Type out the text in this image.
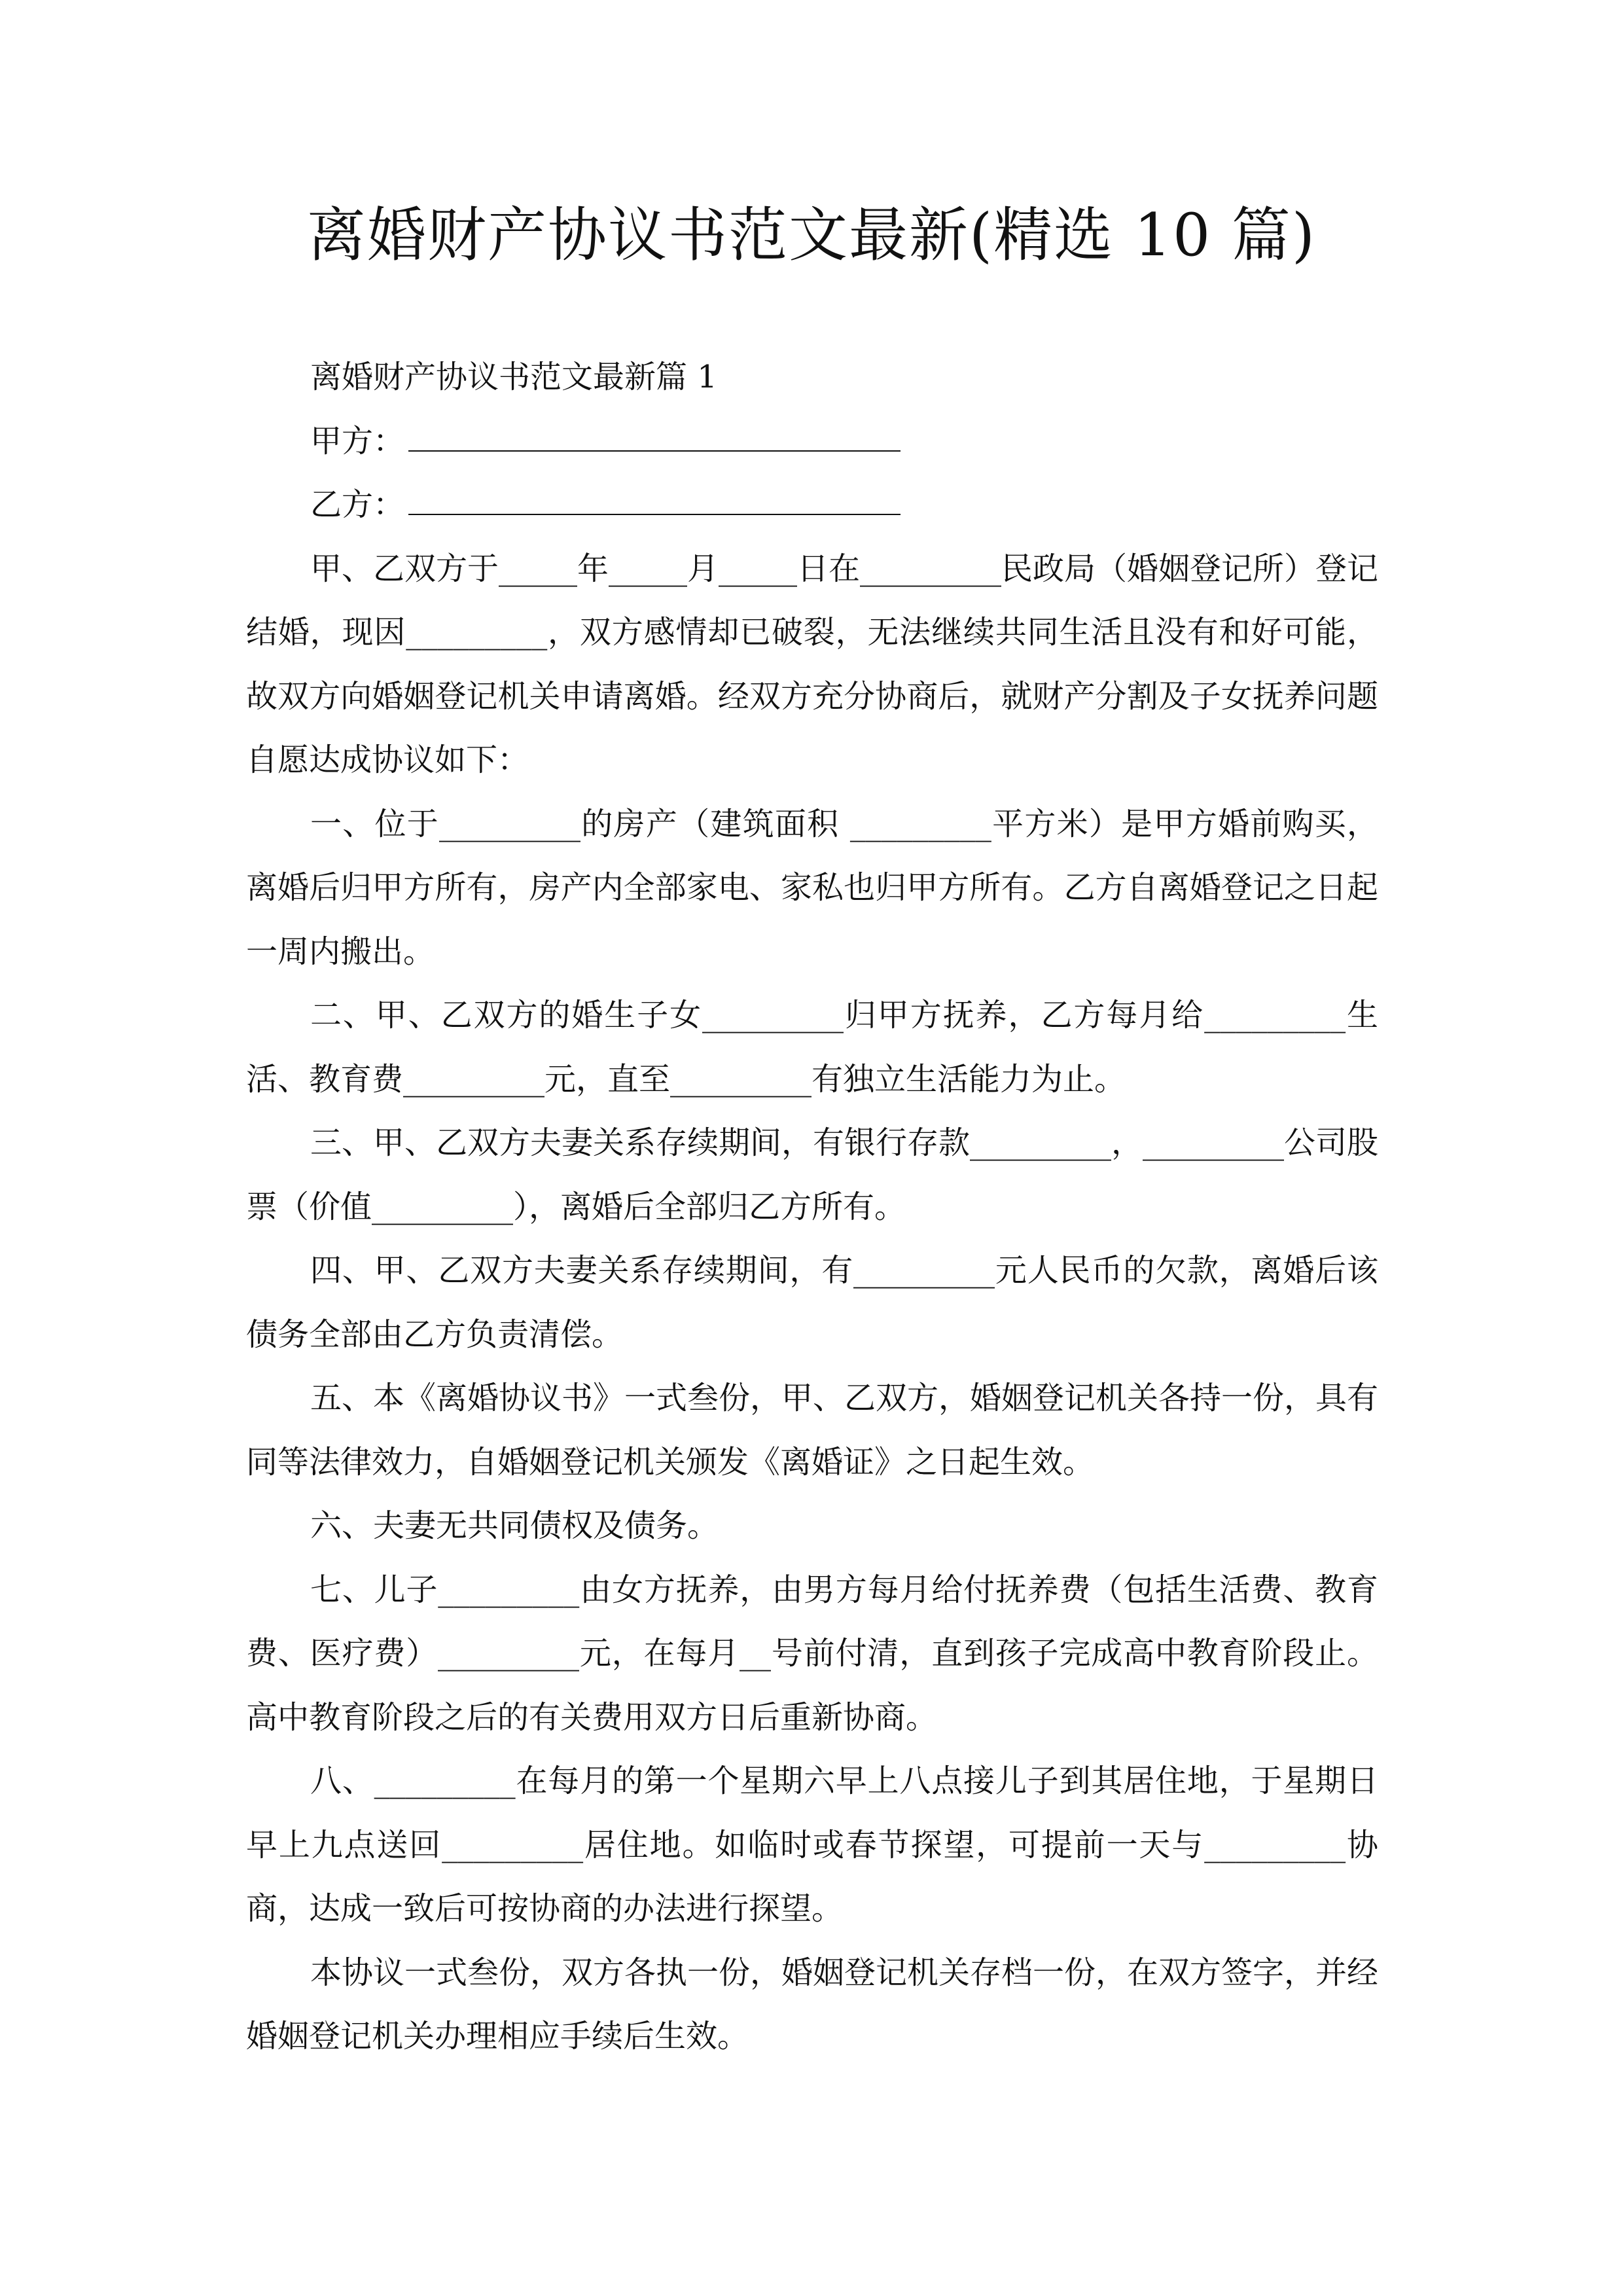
离婚财产协议书范文最新(精选 10 篇)

离婚财产协议书范文最新篇 1

甲方：

乙方：

甲、乙双方于_____年_____月_____日在_________民政局（婚姻登记所）登记结婚，现因_________，双方感情却已破裂，无法继续共同生活且没有和好可能，故双方向婚姻登记机关申请离婚。经双方充分协商后，就财产分割及子女抚养问题自愿达成协议如下：

一、位于_________的房产（建筑面积 _________平方米）是甲方婚前购买，离婚后归甲方所有，房产内全部家电、家私也归甲方所有。乙方自离婚登记之日起一周内搬出。

二、甲、乙双方的婚生子女_________归甲方抚养，乙方每月给_________生活、教育费_________元，直至_________有独立生活能力为止。

三、甲、乙双方夫妻关系存续期间，有银行存款_________，_________公司股票（价值_________），离婚后全部归乙方所有。

四、甲、乙双方夫妻关系存续期间，有_________元人民币的欠款，离婚后该债务全部由乙方负责清偿。

五、本《离婚协议书》一式叁份，甲、乙双方，婚姻登记机关各持一份，具有同等法律效力，自婚姻登记机关颁发《离婚证》之日起生效。

六、夫妻无共同债权及债务。

七、儿子_________由女方抚养，由男方每月给付抚养费（包括生活费、教育费、医疗费）_________元，在每月__号前付清，直到孩子完成高中教育阶段止。高中教育阶段之后的有关费用双方日后重新协商。

八、_________在每月的第一个星期六早上八点接儿子到其居住地，于星期日早上九点送回_________居住地。如临时或春节探望，可提前一天与_________协商，达成一致后可按协商的办法进行探望。

本协议一式叁份，双方各执一份，婚姻登记机关存档一份，在双方签字，并经婚姻登记机关办理相应手续后生效。
